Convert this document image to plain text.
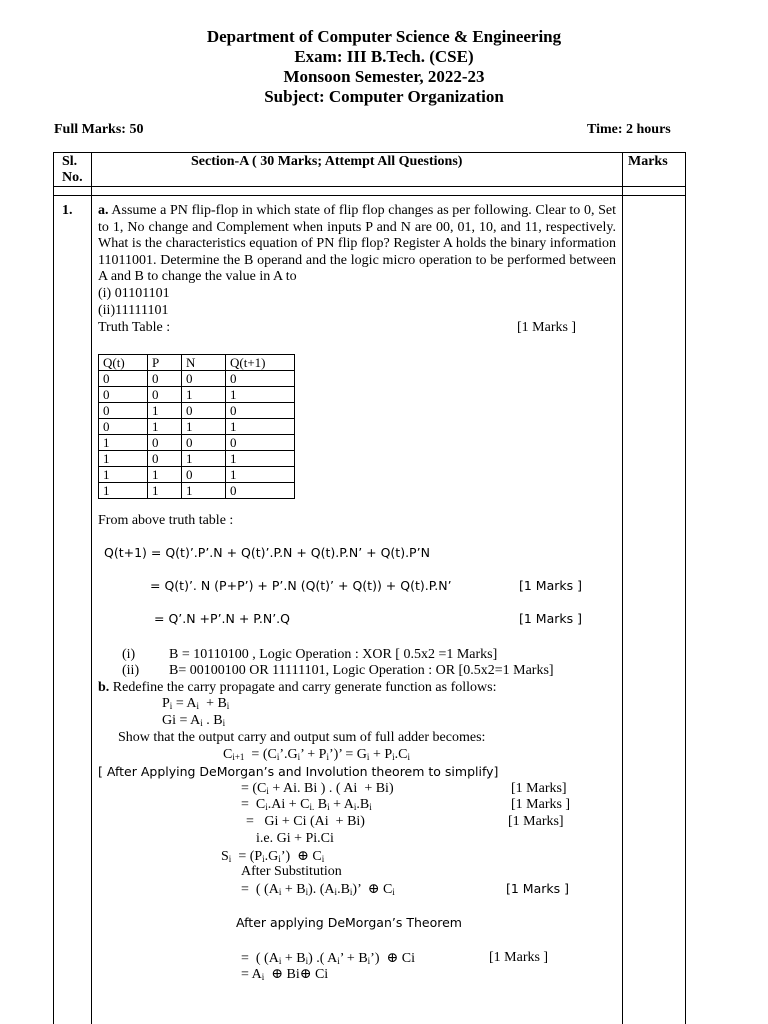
Department of Computer Science & Engineering
Exam: III B.Tech. (CSE)
Monsoon Semester, 2022-23
Subject: Computer Organization
Full Marks: 50	Time: 2 hours
Sl.
No.
Section-A ( 30 Marks; Attempt All Questions)	Marks
1. a. Assume a PN flip-flop in which state of flip flop changes as per following. Clear to 0, Set to 1, No change and Complement when inputs P and N are 00, 01, 10, and 11, respectively. What is the characteristics equation of PN flip flop? Register A holds the binary information 11011001. Determine the B operand and the logic micro operation to be performed between A and B to change the value in A to
(i) 01101101
(ii)11111101
Truth Table :	[1 Marks ]
Q(t)	P	N	Q(t+1)
0	0	0	0
0	0	1	1
0	1	0	0
0	1	1	1
1	0	0	0
1	0	1	1
1	1	0	1
1	1	1	0
From above truth table :
Q(t+1) = Q(t)’.P’.N + Q(t)’.P.N + Q(t).P.N’ + Q(t).P’N
= Q(t)’. N (P+P’) + P’.N (Q(t)’ + Q(t)) + Q(t).P.N’	[1 Marks ]
= Q’.N +P’.N + P.N’.Q	[1 Marks ]
(i) B = 10110100 , Logic Operation : XOR [ 0.5x2 =1 Marks]
(ii) B= 00100100 OR 11111101, Logic Operation : OR [0.5x2=1 Marks]
b. Redefine the carry propagate and carry generate function as follows:
$P_i = A_i + B_i$
$Gi = A_i$ . $B_i$
Show that the output carry and output sum of full adder becomes:
$C_{i+1}$  = ($C_i’.G_i$’ + $P_i$’)’ = $G_i + P_i.C_i$
[ After Applying DeMorgan’s and Involution theorem to simplify]
= ($C_i + Ai$. Bi ) . ( Ai  + Bi)	[1 Marks]
=  $C_i.Ai + C_{i.}$ $B_i + A_i.B_i$	[1 Marks ]
=   Gi + Ci (Ai  + Bi)	[1 Marks]
i.e. Gi + Pi.Ci
$S_i$  = $(P_i.G_i’)$  ⊕ $C_i$
After Substitution
=  ( $(A_i + B_i)$. $(A_i.B_i)$’  ⊕ $C_i$	[1 Marks ]
After applying DeMorgan’s Theorem
=  ( $(A_i + B_i)$ .( $A_i$’ + $B_i$’)  ⊕ Ci	[1 Marks ]
= $A_i$  ⊕ Bi⊕ Ci
